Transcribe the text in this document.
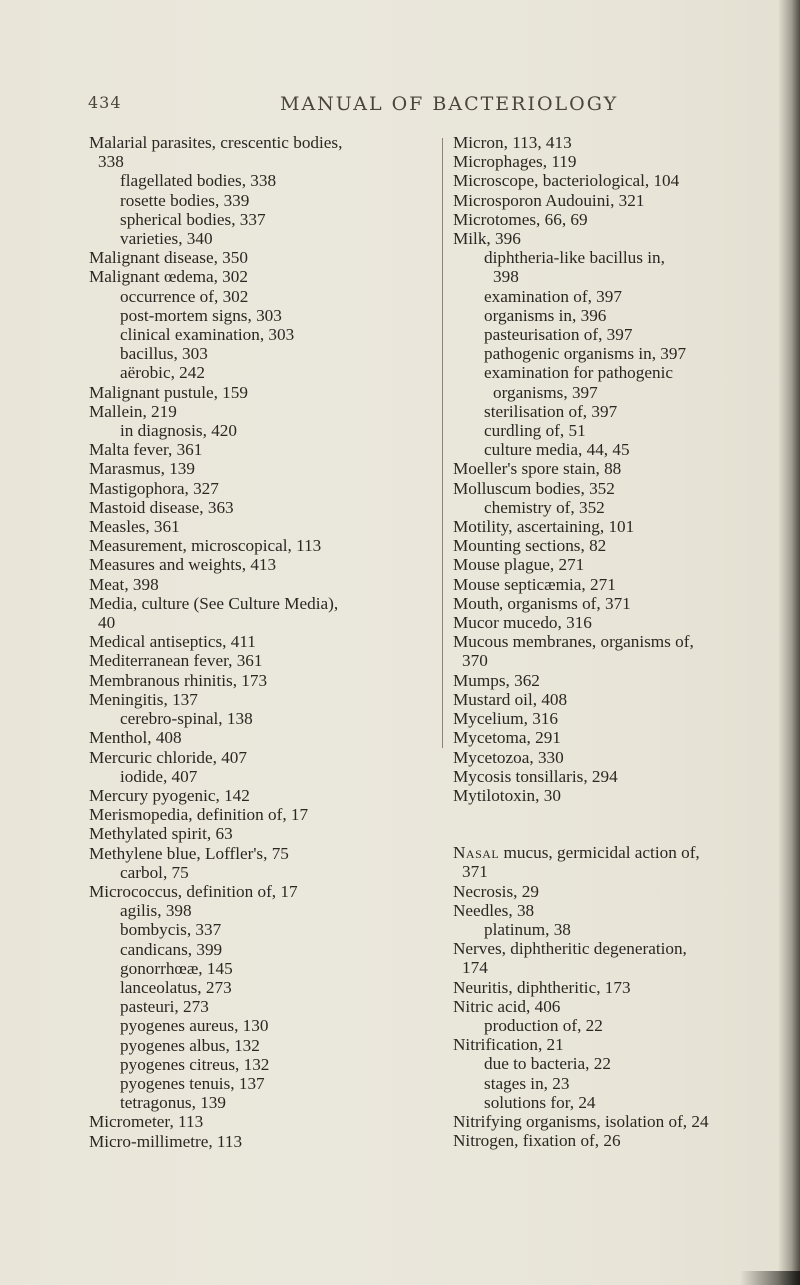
434	MANUAL OF BACTERIOLOGY
Malarial parasites, crescentic bodies,
338
flagellated bodies, 338
rosette bodies, 339
spherical bodies, 337
varieties, 340
Malignant disease, 350
Malignant œdema, 302
occurrence of, 302
post-mortem signs, 303
clinical examination, 303
bacillus, 303
aërobic, 242
Malignant pustule, 159
Mallein, 219
in diagnosis, 420
Malta fever, 361
Marasmus, 139
Mastigophora, 327
Mastoid disease, 363
Measles, 361
Measurement, microscopical, 113
Measures and weights, 413
Meat, 398
Media, culture (See Culture Media),
40
Medical antiseptics, 411
Mediterranean fever, 361
Membranous rhinitis, 173
Meningitis, 137
cerebro-spinal, 138
Menthol, 408
Mercuric chloride, 407
iodide, 407
Mercury pyogenic, 142
Merismopedia, definition of, 17
Methylated spirit, 63
Methylene blue, Loffler's, 75
carbol, 75
Micrococcus, definition of, 17
agilis, 398
bombycis, 337
candicans, 399
gonorrhœæ, 145
lanceolatus, 273
pasteuri, 273
pyogenes aureus, 130
pyogenes albus, 132
pyogenes citreus, 132
pyogenes tenuis, 137
tetragonus, 139
Micrometer, 113
Micro-millimetre, 113
Micron, 113, 413
Microphages, 119
Microscope, bacteriological, 104
Microsporon Audouini, 321
Microtomes, 66, 69
Milk, 396
diphtheria-like bacillus in,
398
examination of, 397
organisms in, 396
pasteurisation of, 397
pathogenic organisms in, 397
examination for pathogenic
organisms, 397
sterilisation of, 397
curdling of, 51
culture media, 44, 45
Moeller's spore stain, 88
Molluscum bodies, 352
chemistry of, 352
Motility, ascertaining, 101
Mounting sections, 82
Mouse plague, 271
Mouse septicæmia, 271
Mouth, organisms of, 371
Mucor mucedo, 316
Mucous membranes, organisms of,
370
Mumps, 362
Mustard oil, 408
Mycelium, 316
Mycetoma, 291
Mycetozoa, 330
Mycosis tonsillaris, 294
Mytilotoxin, 30
Nasal mucus, germicidal action of,
371
Necrosis, 29
Needles, 38
platinum, 38
Nerves, diphtheritic degeneration,
174
Neuritis, diphtheritic, 173
Nitric acid, 406
production of, 22
Nitrification, 21
due to bacteria, 22
stages in, 23
solutions for, 24
Nitrifying organisms, isolation of, 24
Nitrogen, fixation of, 26
